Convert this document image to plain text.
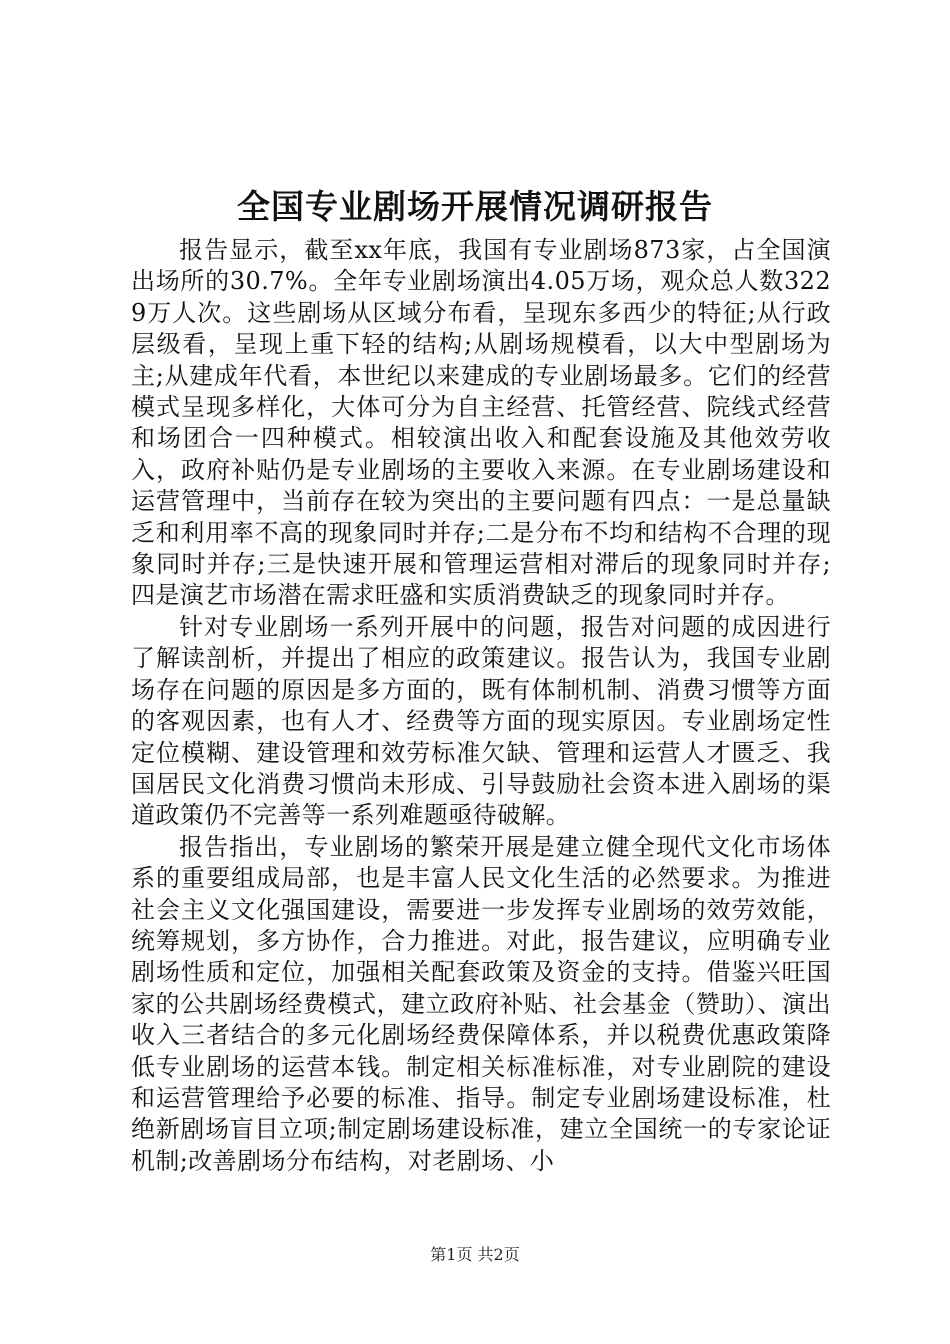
全国专业剧场开展情况调研报告

报告显示，截至xx年底，我国有专业剧场873家，占全国演出场所的30.7%。全年专业剧场演出4.05万场，观众总人数3229万人次。这些剧场从区域分布看，呈现东多西少的特征;从行政层级看，呈现上重下轻的结构;从剧场规模看，以大中型剧场为主;从建成年代看，本世纪以来建成的专业剧场最多。它们的经营模式呈现多样化，大体可分为自主经营、托管经营、院线式经营和场团合一四种模式。相较演出收入和配套设施及其他效劳收入，政府补贴仍是专业剧场的主要收入来源。在专业剧场建设和运营管理中，当前存在较为突出的主要问题有四点：一是总量缺乏和利用率不高的现象同时并存;二是分布不均和结构不合理的现象同时并存;三是快速开展和管理运营相对滞后的现象同时并存;四是演艺市场潜在需求旺盛和实质消费缺乏的现象同时并存。

针对专业剧场一系列开展中的问题，报告对问题的成因进行了解读剖析，并提出了相应的政策建议。报告认为，我国专业剧场存在问题的原因是多方面的，既有体制机制、消费习惯等方面的客观因素，也有人才、经费等方面的现实原因。专业剧场定性定位模糊、建设管理和效劳标准欠缺、管理和运营人才匮乏、我国居民文化消费习惯尚未形成、引导鼓励社会资本进入剧场的渠道政策仍不完善等一系列难题亟待破解。

报告指出，专业剧场的繁荣开展是建立健全现代文化市场体系的重要组成局部，也是丰富人民文化生活的必然要求。为推进社会主义文化强国建设，需要进一步发挥专业剧场的效劳效能，统筹规划，多方协作，合力推进。对此，报告建议，应明确专业剧场性质和定位，加强相关配套政策及资金的支持。借鉴兴旺国家的公共剧场经费模式，建立政府补贴、社会基金（赞助）、演出收入三者结合的多元化剧场经费保障体系，并以税费优惠政策降低专业剧场的运营本钱。制定相关标准标准，对专业剧院的建设和运营管理给予必要的标准、指导。制定专业剧场建设标准，杜绝新剧场盲目立项;制定剧场建设标准，建立全国统一的专家论证机制;改善剧场分布结构，对老剧场、小

第1页 共2页
